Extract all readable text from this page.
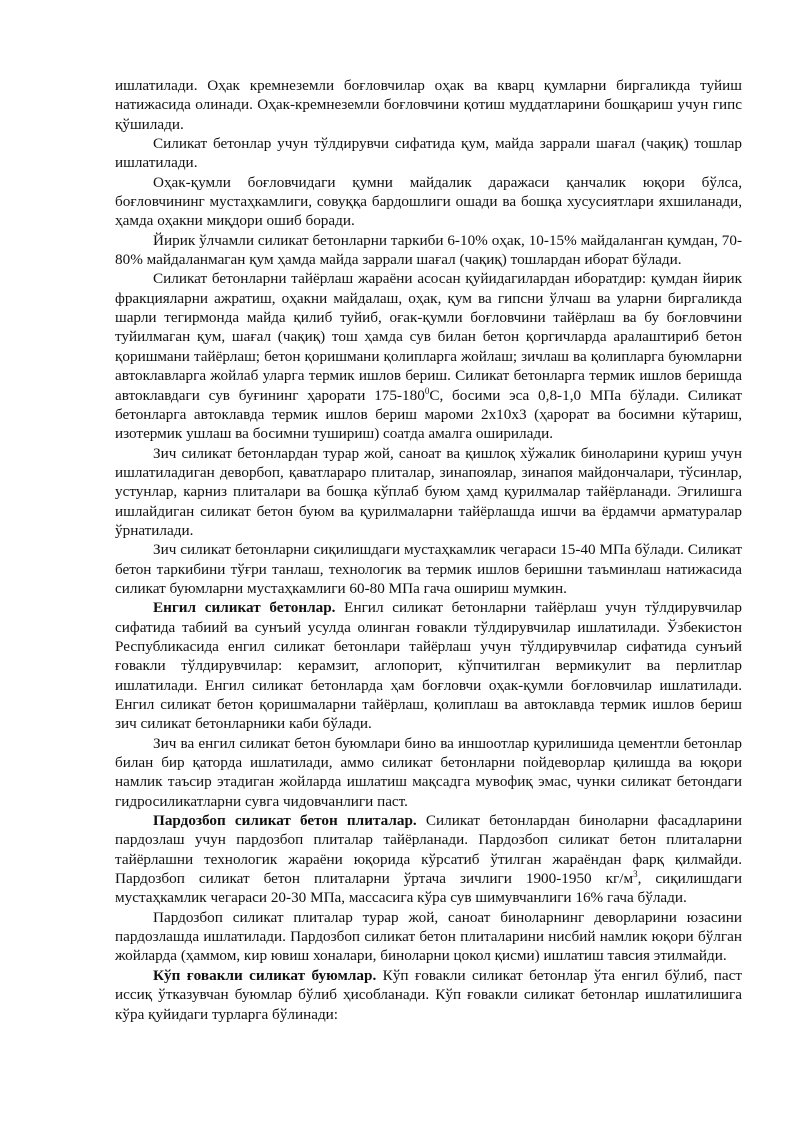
ишлатилади. Оҳак кремнеземли боғловчилар оҳак ва кварц қумларни биргаликда туйиш натижасида олинади. Оҳак-кремнеземли боғловчини қотиш муддатларини бошқариш учун гипс қўшилади.

Силикат бетонлар учун тўлдирувчи сифатида қум, майда заррали шағал (чақиқ) тошлар ишлатилади.

Оҳак-қумли боғловчидаги қумни майдалик даражаси қанчалик юқори бўлса, боғловчининг мустаҳкамлиги, совуққа бардошлиги ошади ва бошқа хусусиятлари яхшиланади, ҳамда оҳакни миқдори ошиб боради.

Йирик ўлчамли силикат бетонларни таркиби 6-10% оҳак, 10-15% майдаланган қумдан, 70-80% майдаланмаган қум ҳамда майда заррали шағал (чақиқ) тошлардан иборат бўлади.

Силикат бетонларни тайёрлаш жараёни асосан қуйидагилардан иборатдир: қумдан йирик фракцияларни ажратиш, оҳакни майдалаш, оҳак, қум ва гипсни ўлчаш ва уларни биргаликда шарли тегирмонда майда қилиб туйиб, оғак-қумли боғловчини тайёрлаш ва бу боғловчини туйилмаган қум, шағал (чақиқ) тош ҳамда сув билан бетон қоргичларда аралаштириб бетон қоришмани тайёрлаш; бетон қоришмани қолипларга жойлаш; зичлаш ва қолипларга буюмларни автоклавларга жойлаб уларга термик ишлов бериш. Силикат бетонларга термик ишлов беришда автоклавдаги сув буғининг ҳарорати $175-180^0С$, босими эса 0,8-1,0 МПа бўлади. Силикат бетонларга автоклавда термик ишлов бериш мароми 2х10х3 (ҳарорат ва босимни кўтариш, изотермик ушлаш ва босимни тушириш) соатда амалга оширилади.

Зич силикат бетонлардан турар жой, саноат ва қишлоқ хўжалик биноларини қуриш учун ишлатиладиган деворбоп, қаватлараро плиталар, зинапоялар, зинапоя майдончалари, тўсинлар, устунлар, карниз плиталари ва бошқа кўплаб буюм ҳамд қурилмалар тайёрланади. Эгилишга ишлайдиган силикат бетон буюм ва қурилмаларни тайёрлашда ишчи ва ёрдамчи арматуралар ўрнатилади.

Зич силикат бетонларни сиқилишдаги мустаҳкамлик чегараси 15-40 МПа бўлади. Силикат бетон таркибини тўғри танлаш, технологик ва термик ишлов беришни таъминлаш натижасида силикат буюмларни мустаҳкамлиги 60-80 МПа гача ошириш мумкин.

Енгил силикат бетонлар. Енгил силикат бетонларни тайёрлаш учун тўлдирувчилар сифатида табиий ва сунъий усулда олинган ғовакли тўлдирувчилар ишлатилади. Ўзбекистон Республикасида енгил силикат бетонлари тайёрлаш учун тўлдирувчилар сифатида сунъий ғовакли тўлдирувчилар: керамзит, аглопорит, кўпчитилган вермикулит ва перлитлар ишлатилади. Енгил силикат бетонларда ҳам боғловчи оҳак-қумли боғловчилар ишлатилади. Енгил силикат бетон қоришмаларни тайёрлаш, қолиплаш ва автоклавда термик ишлов бериш зич силикат бетонларники каби бўлади.

Зич ва енгил силикат бетон буюмлари бино ва иншоотлар қурилишида цементли бетонлар билан бир қаторда ишлатилади, аммо силикат бетонларни пойдеворлар қилишда ва юқори намлик таъсир этадиган жойларда ишлатиш мақсадга мувофиқ эмас, чунки силикат бетондаги гидросиликатларни сувга чидовчанлиги паст.

Пардозбоп силикат бетон плиталар. Силикат бетонлардан биноларни фасадларини пардозлаш учун пардозбоп плиталар тайёрланади. Пардозбоп силикат бетон плиталарни тайёрлашни технологик жараёни юқорида кўрсатиб ўтилган жараёндан фарқ қилмайди. Пардозбоп силикат бетон плиталарни ўртача зичлиги 1900-1950 $кг/м^3$, сиқилишдаги мустаҳкамлик чегараси 20-30 МПа, массасига кўра сув шимувчанлиги 16% гача бўлади.

Пардозбоп силикат плиталар турар жой, саноат биноларнинг деворларини юзасини пардозлашда ишлатилади. Пардозбоп силикат бетон плиталарини нисбий намлик юқори бўлган жойларда (ҳаммом, кир ювиш хоналари, биноларни цокол қисми) ишлатиш тавсия этилмайди.

Кўп ғовакли силикат буюмлар. Кўп ғовакли силикат бетонлар ўта енгил бўлиб, паст иссиқ ўтказувчан буюмлар бўлиб ҳисобланади. Кўп ғовакли силикат бетонлар ишлатилишига кўра қуйидаги турларга бўлинади:
